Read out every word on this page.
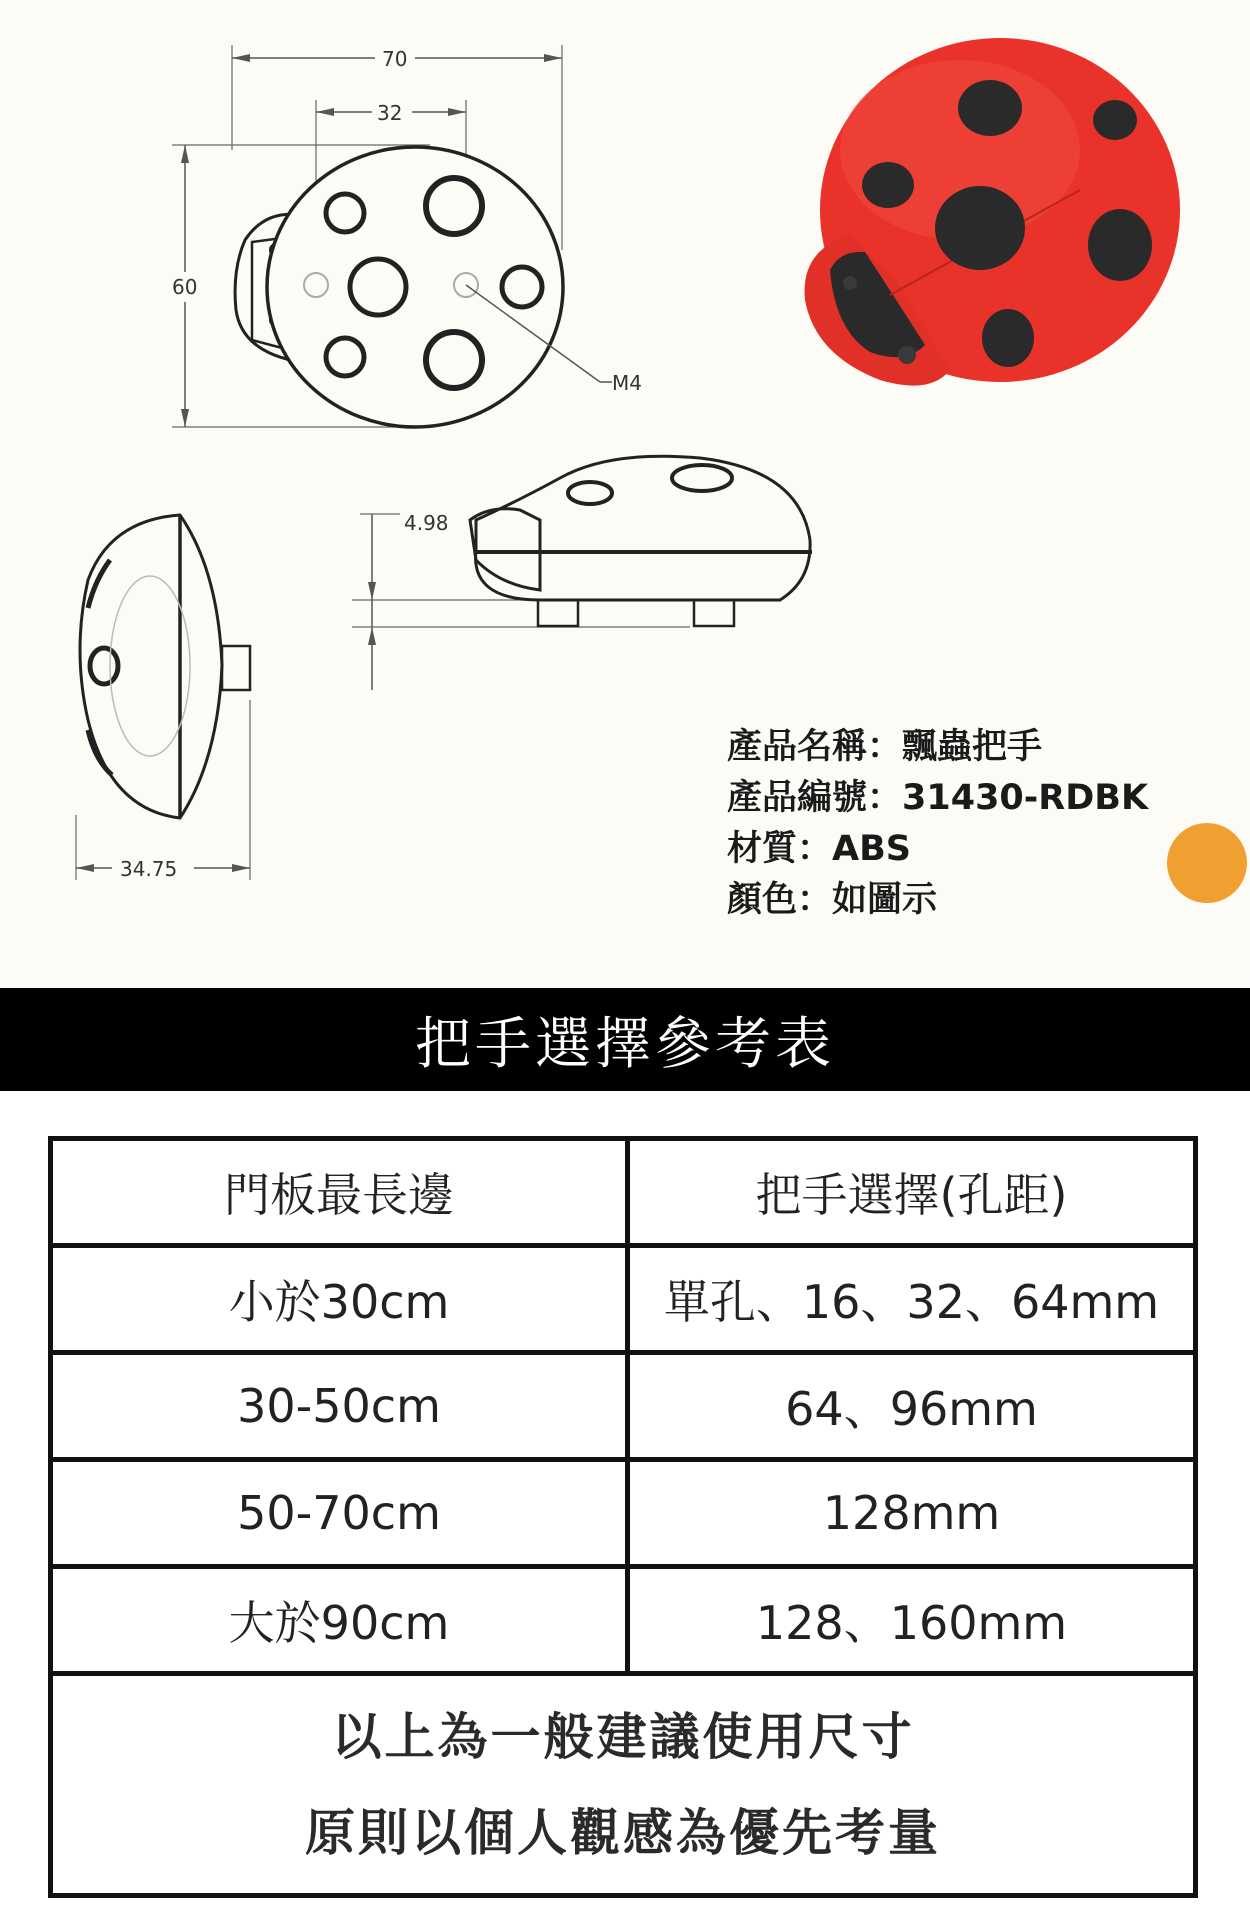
70
32
60
M4
4.98
34.75
產品名稱：飄蟲把手
產品編號：31430-RDBK
材質：ABS
顏色：如圖示
把手選擇參考表
門板最長邊	把手選擇(孔距)
小於30cm	單孔、16、32、64mm
30-50cm	64、96mm
50-70cm	128mm
大於90cm	128、160mm
以上為一般建議使用尺寸
原則以個人觀感為優先考量
